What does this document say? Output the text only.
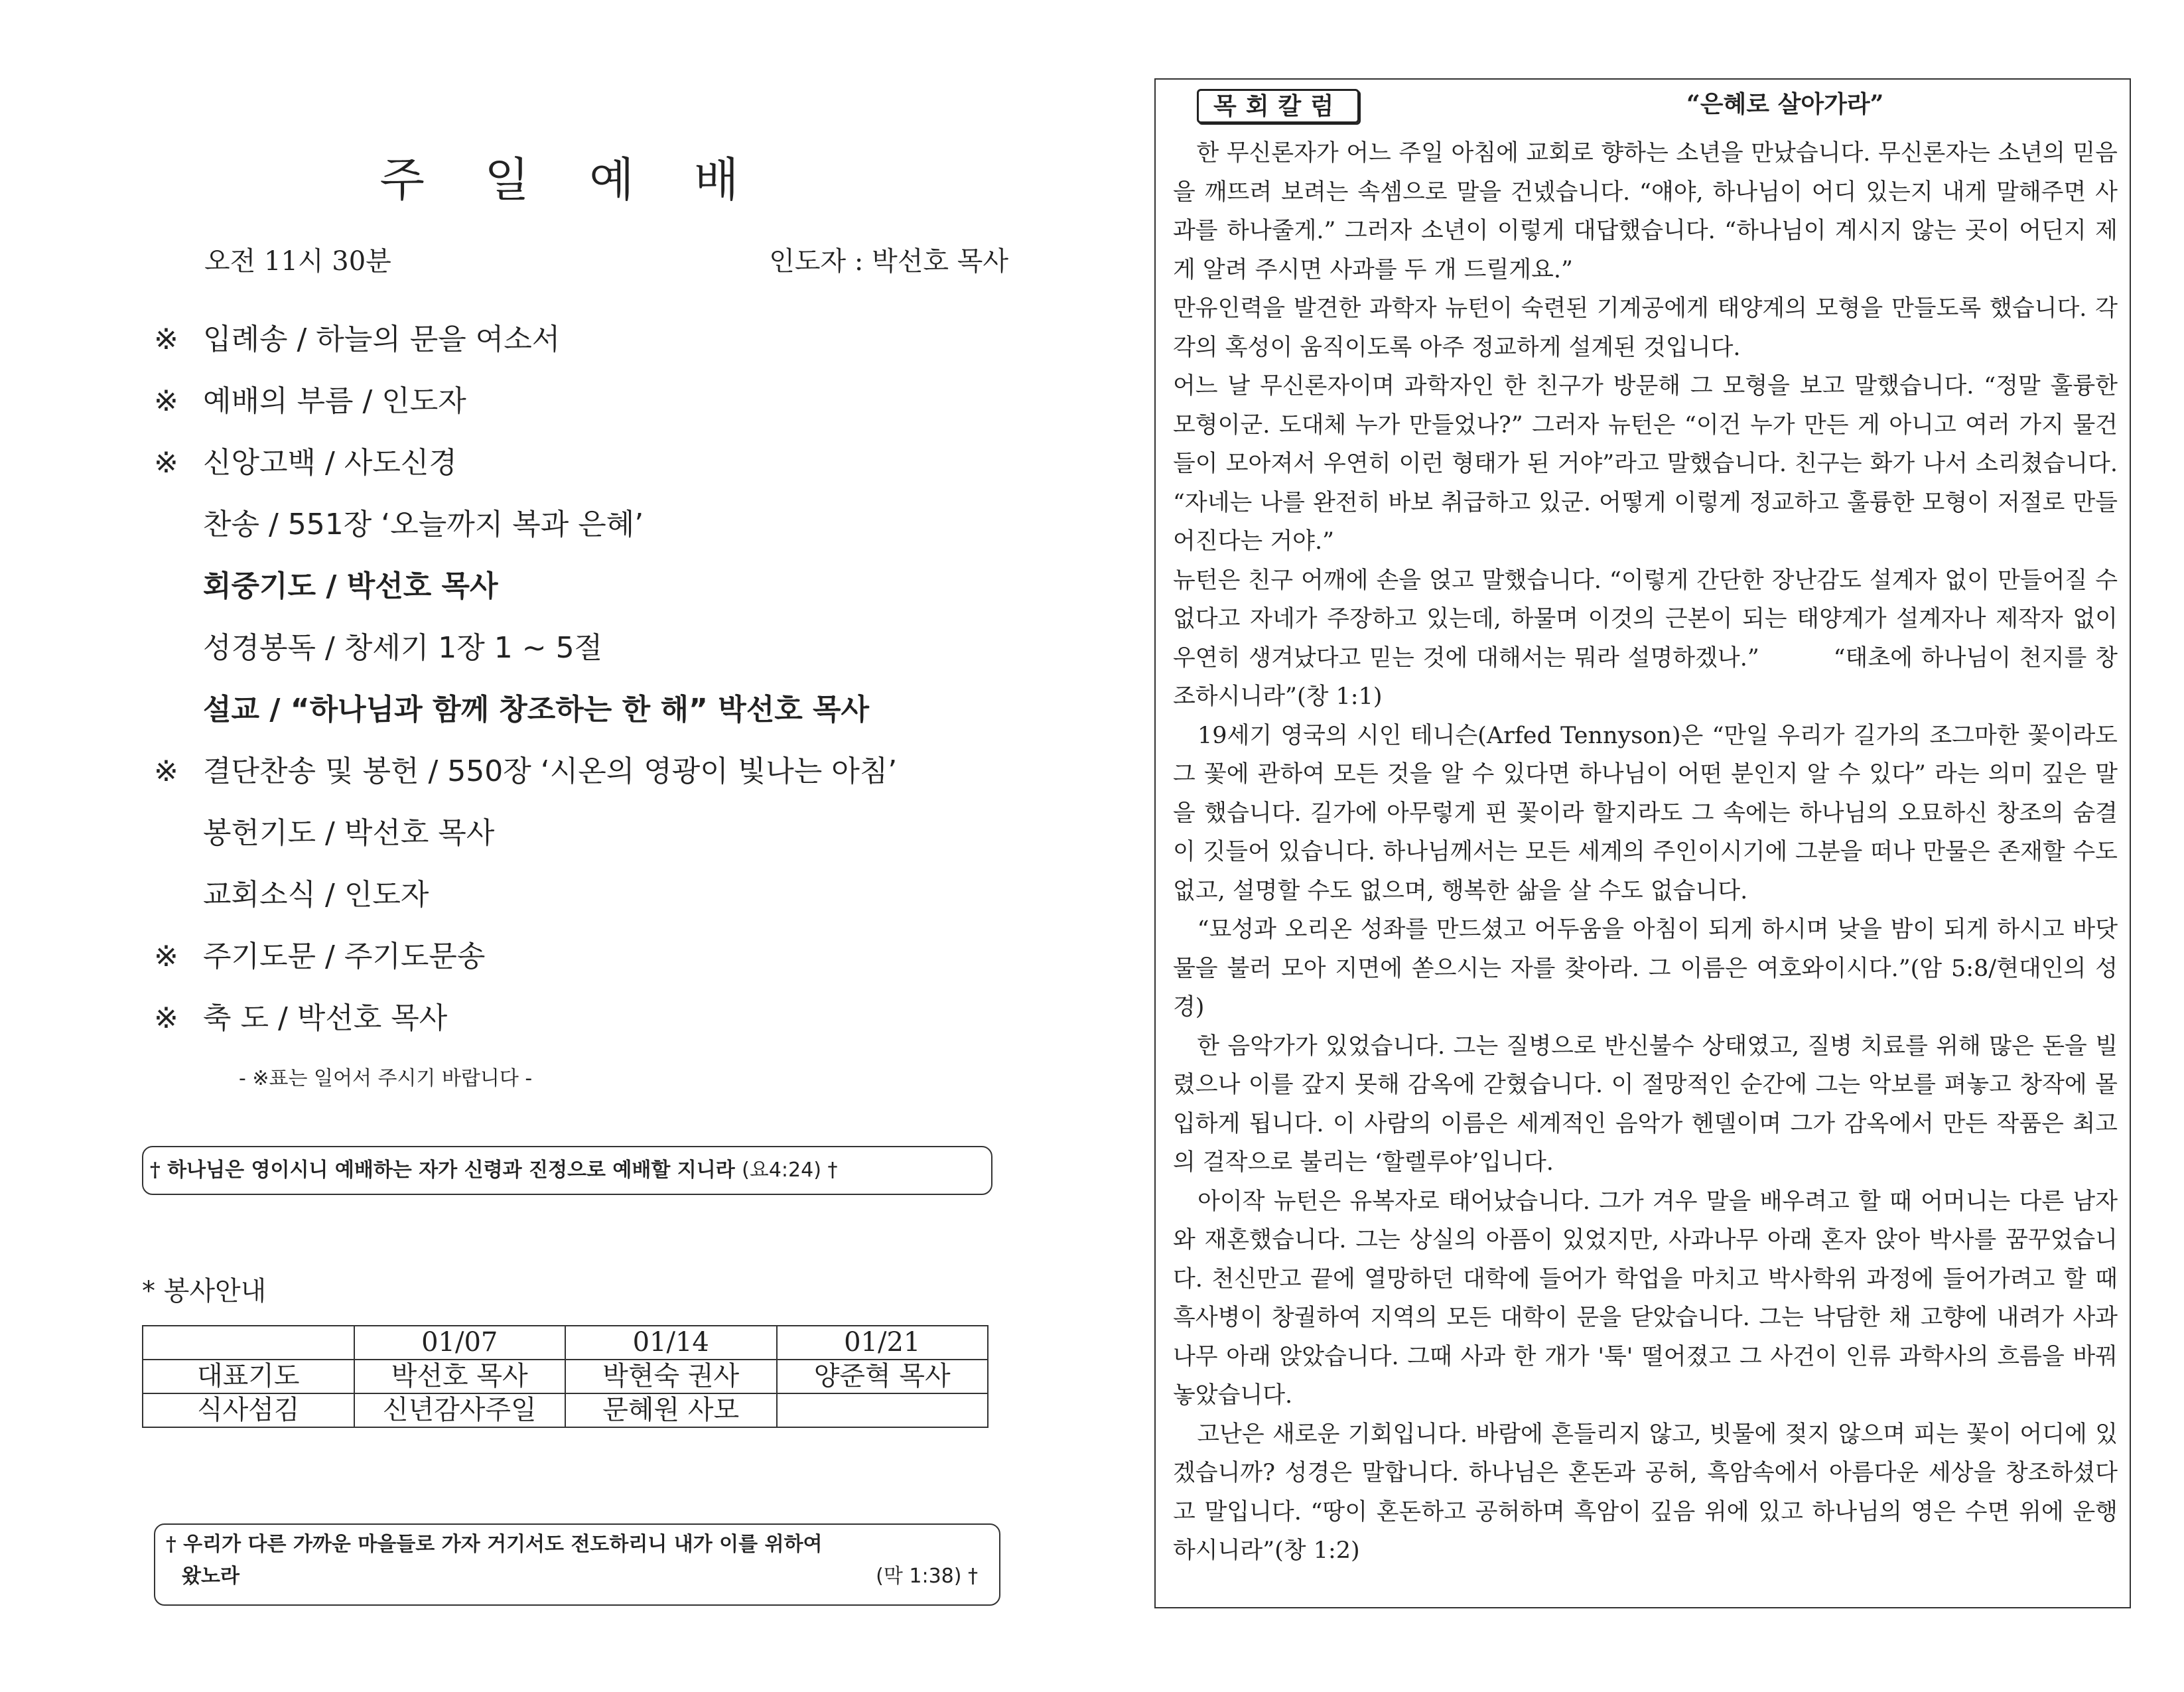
주 일 예 배
오전 11시 30분	인도자 : 박선호 목사
※ 입례송 / 하늘의 문을 여소서
※ 예배의 부름 / 인도자
※ 신앙고백 / 사도신경
찬송 / 551장 ‘오늘까지 복과 은혜’
회중기도 / 박선호 목사
성경봉독 / 창세기 1장 1 ~ 5절
설교 / “하나님과 함께 창조하는 한 해” 박선호 목사
※ 결단찬송 및 봉헌 / 550장 ‘시온의 영광이 빛나는 아침’
봉헌기도 / 박선호 목사
교회소식 / 인도자
※ 주기도문 / 주기도문송
※ 축 도 / 박선호 목사
- ※표는 일어서 주시기 바랍니다 -
† 하나님은 영이시니 예배하는 자가 신령과 진정으로 예배할 지니라 (요4:24) †
* 봉사안내
	01/07	01/14	01/21
대표기도	박선호 목사	박현숙 권사	양준혁 목사
식사섬김	신년감사주일	문혜원 사모	
† 우리가 다른 가까운 마을들로 가자 거기서도 전도하리니 내가 이를 위하여
왔노라	(막 1:38) †
목회칼럼	“은혜로 살아가라”

　한 무신론자가 어느 주일 아침에 교회로 향하는 소년을 만났습니다. 무신론자는 소년의 믿음을 깨뜨려 보려는 속셈으로 말을 건넸습니다. “얘야, 하나님이 어디 있는지 내게 말해주면 사과를 하나줄게.” 그러자 소년이 이렇게 대답했습니다. “하나님이 계시지 않는 곳이 어딘지 제게 알려 주시면 사과를 두 개 드릴게요.”

만유인력을 발견한 과학자 뉴턴이 숙련된 기계공에게 태양계의 모형을 만들도록 했습니다. 각각의 혹성이 움직이도록 아주 정교하게 설계된 것입니다.

어느 날 무신론자이며 과학자인 한 친구가 방문해 그 모형을 보고 말했습니다. “정말 훌륭한 모형이군. 도대체 누가 만들었나?” 그러자 뉴턴은 “이건 누가 만든 게 아니고 여러 가지 물건들이 모아져서 우연히 이런 형태가 된 거야”라고 말했습니다. 친구는 화가 나서 소리쳤습니다. “자네는 나를 완전히 바보 취급하고 있군. 어떻게 이렇게 정교하고 훌륭한 모형이 저절로 만들어진다는 거야.”

뉴턴은 친구 어깨에 손을 얹고 말했습니다. “이렇게 간단한 장난감도 설계자 없이 만들어질 수 없다고 자네가 주장하고 있는데, 하물며 이것의 근본이 되는 태양계가 설계자나 제작자 없이 우연히 생겨났다고 믿는 것에 대해서는 뭐라 설명하겠나.”　　　“태초에 하나님이 천지를 창조하시니라”(창 1:1)

　19세기 영국의 시인 테니슨(Arfed Tennyson)은 “만일 우리가 길가의 조그마한 꽃이라도 그 꽃에 관하여 모든 것을 알 수 있다면 하나님이 어떤 분인지 알 수 있다” 라는 의미 깊은 말을 했습니다. 길가에 아무렇게 핀 꽃이라 할지라도 그 속에는 하나님의 오묘하신 창조의 숨결이 깃들어 있습니다. 하나님께서는 모든 세계의 주인이시기에 그분을 떠나 만물은 존재할 수도 없고, 설명할 수도 없으며, 행복한 삶을 살 수도 없습니다.

　“묘성과 오리온 성좌를 만드셨고 어두움을 아침이 되게 하시며 낮을 밤이 되게 하시고 바닷물을 불러 모아 지면에 쏟으시는 자를 찾아라. 그 이름은 여호와이시다.”(암 5:8/현대인의 성경)

　한 음악가가 있었습니다. 그는 질병으로 반신불수 상태였고, 질병 치료를 위해 많은 돈을 빌렸으나 이를 갚지 못해 감옥에 갇혔습니다. 이 절망적인 순간에 그는 악보를 펴놓고 창작에 몰입하게 됩니다. 이 사람의 이름은 세계적인 음악가 헨델이며 그가 감옥에서 만든 작품은 최고의 걸작으로 불리는 ‘할렐루야’입니다.

　아이작 뉴턴은 유복자로 태어났습니다. 그가 겨우 말을 배우려고 할 때 어머니는 다른 남자와 재혼했습니다. 그는 상실의 아픔이 있었지만, 사과나무 아래 혼자 앉아 박사를 꿈꾸었습니다. 천신만고 끝에 열망하던 대학에 들어가 학업을 마치고 박사학위 과정에 들어가려고 할 때 흑사병이 창궐하여 지역의 모든 대학이 문을 닫았습니다. 그는 낙담한 채 고향에 내려가 사과나무 아래 앉았습니다. 그때 사과 한 개가 '툭' 떨어졌고 그 사건이 인류 과학사의 흐름을 바꿔 놓았습니다.

　고난은 새로운 기회입니다. 바람에 흔들리지 않고, 빗물에 젖지 않으며 피는 꽃이 어디에 있겠습니까? 성경은 말합니다. 하나님은 혼돈과 공허, 흑암속에서 아름다운 세상을 창조하셨다고 말입니다. “땅이 혼돈하고 공허하며 흑암이 깊음 위에 있고 하나님의 영은 수면 위에 운행하시니라”(창 1:2)
